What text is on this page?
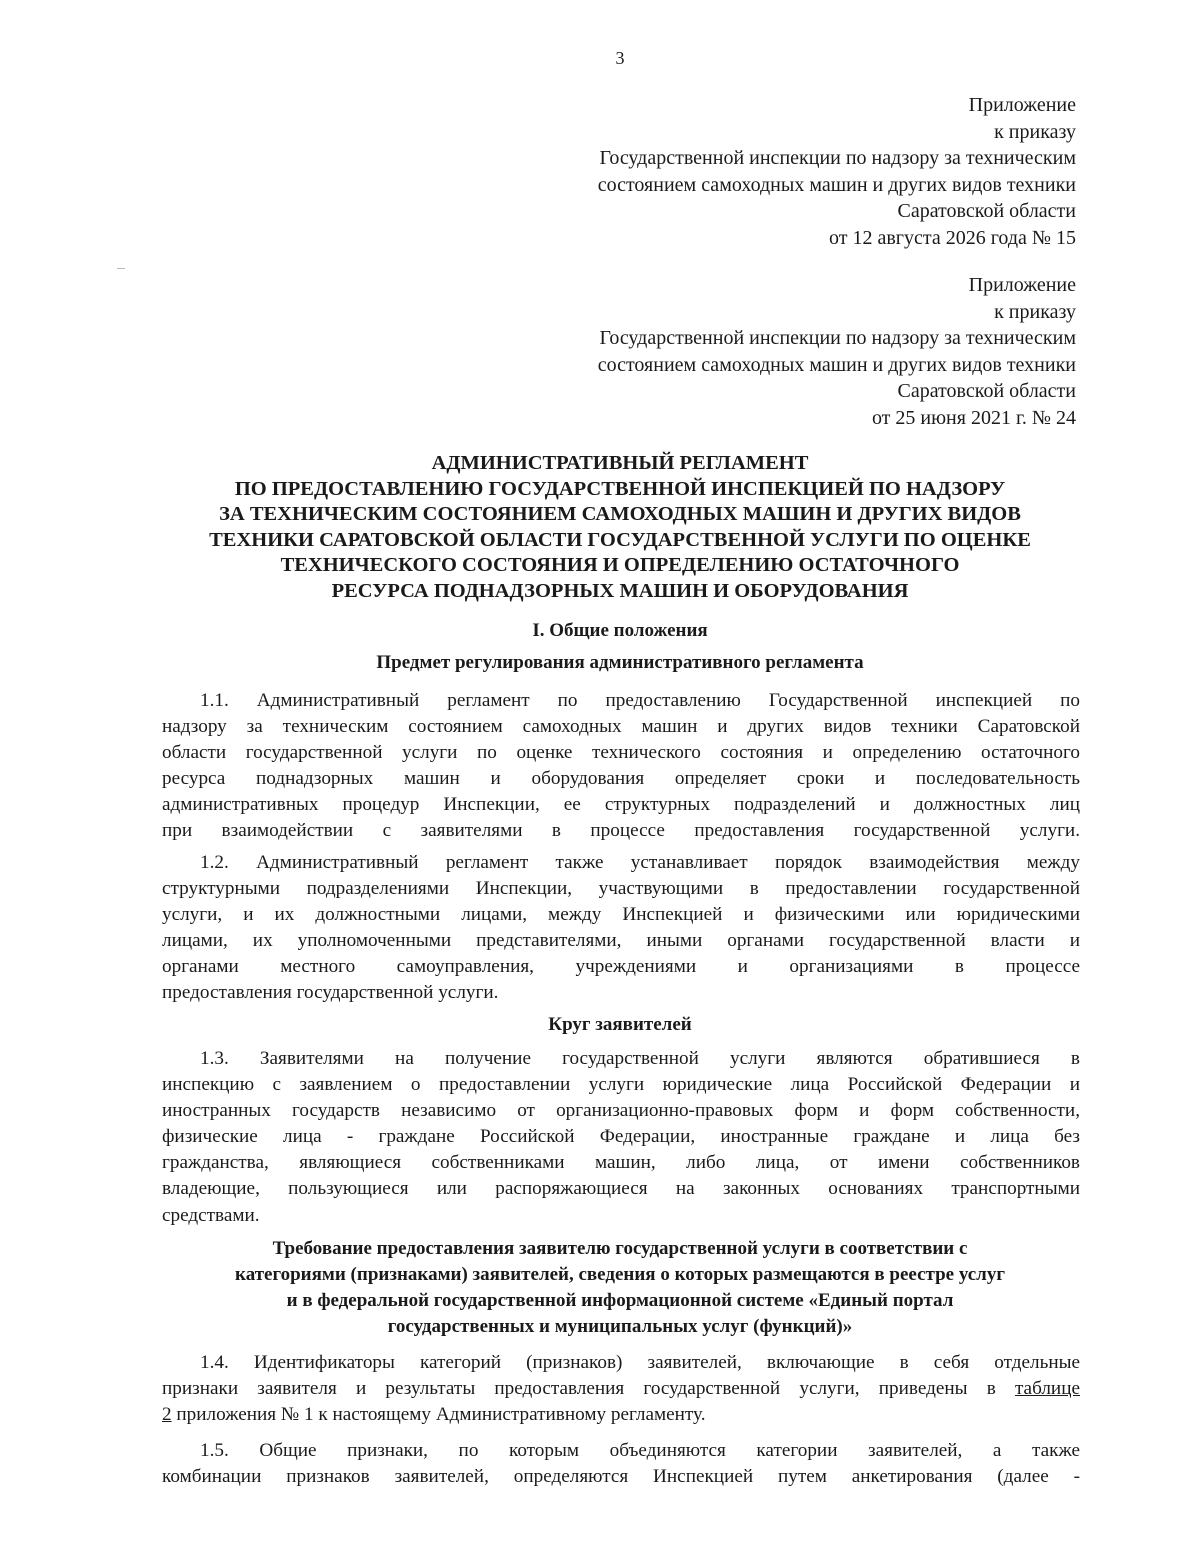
3
Приложение
к приказу
Государственной инспекции по надзору за техническим
состоянием самоходных машин и других видов техники
Саратовской области
от 12 августа 2026 года № 15
Приложение
к приказу
Государственной инспекции по надзору за техническим
состоянием самоходных машин и других видов техники
Саратовской области
от 25 июня 2021 г. № 24
АДМИНИСТРАТИВНЫЙ РЕГЛАМЕНТ
ПО ПРЕДОСТАВЛЕНИЮ ГОСУДАРСТВЕННОЙ ИНСПЕКЦИЕЙ ПО НАДЗОРУ
ЗА ТЕХНИЧЕСКИМ СОСТОЯНИЕМ САМОХОДНЫХ МАШИН И ДРУГИХ ВИДОВ
ТЕХНИКИ САРАТОВСКОЙ ОБЛАСТИ ГОСУДАРСТВЕННОЙ УСЛУГИ ПО ОЦЕНКЕ
ТЕХНИЧЕСКОГО СОСТОЯНИЯ И ОПРЕДЕЛЕНИЮ ОСТАТОЧНОГО
РЕСУРСА ПОДНАДЗОРНЫХ МАШИН И ОБОРУДОВАНИЯ
I. Общие положения
Предмет регулирования административного регламента
1.1. Административный регламент по предоставлению Государственной инспекцией по
надзору за техническим состоянием самоходных машин и других видов техники Саратовской
области государственной услуги по оценке технического состояния и определению остаточного
ресурса поднадзорных машин и оборудования определяет сроки и последовательность
административных процедур Инспекции, ее структурных подразделений и должностных лиц
при взаимодействии с заявителями в процессе предоставления государственной услуги.
1.2. Административный регламент также устанавливает порядок взаимодействия между
структурными подразделениями Инспекции, участвующими в предоставлении государственной
услуги, и их должностными лицами, между Инспекцией и физическими или юридическими
лицами, их уполномоченными представителями, иными органами государственной власти и
органами местного самоуправления, учреждениями и организациями в процессе
предоставления государственной услуги.
Круг заявителей
1.3. Заявителями на получение государственной услуги являются обратившиеся в
инспекцию с заявлением о предоставлении услуги юридические лица Российской Федерации и
иностранных государств независимо от организационно-правовых форм и форм собственности,
физические лица - граждане Российской Федерации, иностранные граждане и лица без
гражданства, являющиеся собственниками машин, либо лица, от имени собственников
владеющие, пользующиеся или распоряжающиеся на законных основаниях транспортными
средствами.
Требование предоставления заявителю государственной услуги в соответствии с
категориями (признаками) заявителей, сведения о которых размещаются в реестре услуг
и в федеральной государственной информационной системе «Единый портал
государственных и муниципальных услуг (функций)»
1.4. Идентификаторы категорий (признаков) заявителей, включающие в себя отдельные
признаки заявителя и результаты предоставления государственной услуги, приведены в таблице
2 приложения № 1 к настоящему Административному регламенту.
1.5. Общие признаки, по которым объединяются категории заявителей, а также
комбинации признаков заявителей, определяются Инспекцией путем анкетирования (далее -
